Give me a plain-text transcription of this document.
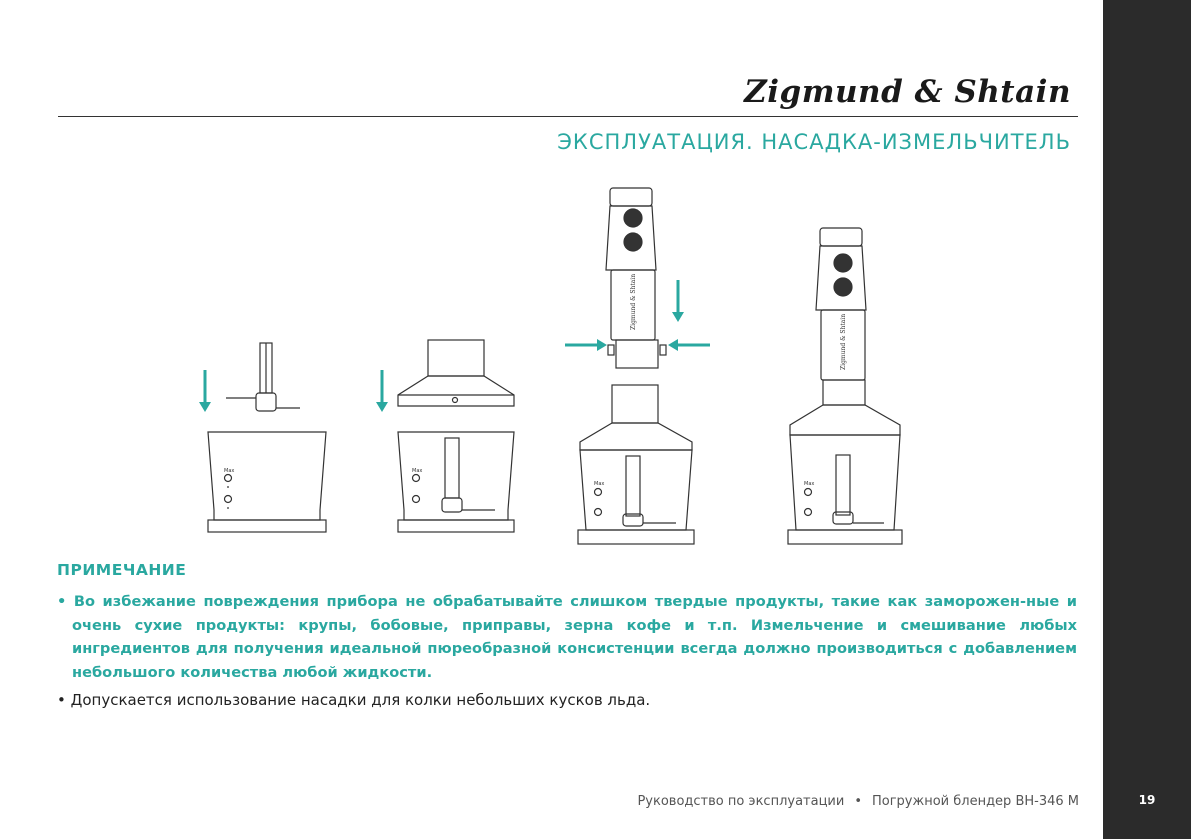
19
Zigmund & Shtain
ЭКСПЛУАТАЦИЯ. НАСАДКА-ИЗМЕЛЬЧИТЕЛЬ
Max	Max
Zigmund & Shtain
Max
Zigmund & Shtain
Max
ПРИМЕЧАНИЕ
• Во избежание повреждения прибора не обрабатывайте слишком твердые продукты, такие как заморожен-ные и очень сухие продукты: крупы, бобовые, приправы, зерна кофе и т.п. Измельчение и смешивание любых ингредиентов для получения идеальной пюреобразной консистенции всегда должно производиться с добавлением небольшого количества любой жидкости.
• Допускается использование насадки для колки небольших кусков льда.
Руководство по эксплуатации • Погружной блендер BH-346 M
